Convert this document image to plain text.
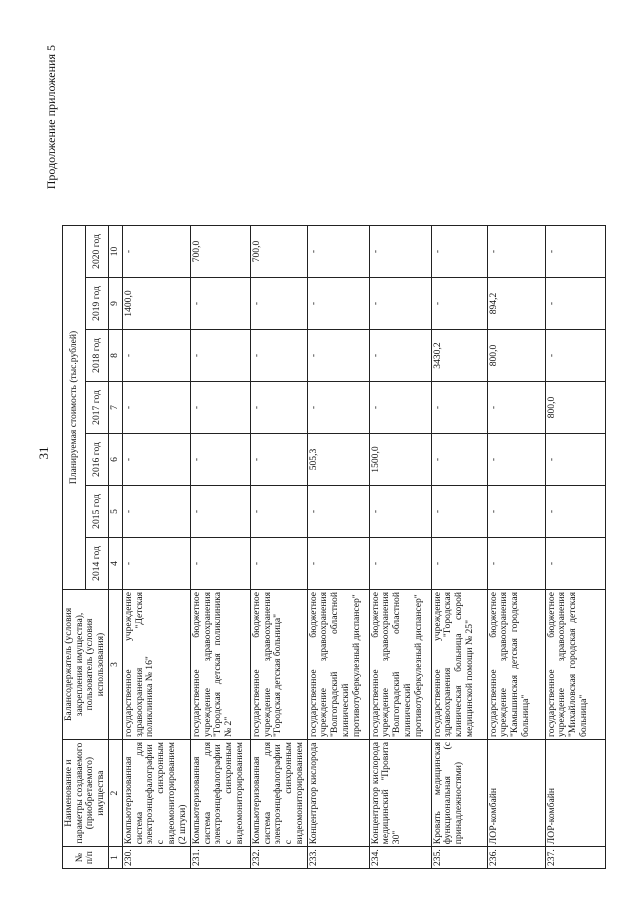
31
Продолжение приложения 5
№ п/п	Наименование и параметры создаваемого (приобретаемого) имущества	Балансодержатель (условия закрепления имущества), пользователь (условия использования)	Планируемая стоимость (тыс.рублей)						
			2014 год	2015 год	2016 год	2017 год	2018 год	2019 год	2020 год
1	2	3	4	5	6	7	8	9	10
230.	Компьютеризованная система для электроэнцефалографии с синхронным видеомониторированием (2 штуки)	государственное учреждение здравоохранения "Детская поликлиника № 16"	-	-	-	-	-	1400,0	-
231.	Компьютеризованная система для электроэнцефалографии с синхронным видеомониторированием	государственное бюджетное учреждение здравоохранения "Городская детская поликлиника № 2"	-	-	-	-	-	-	700,0
232.	Компьютеризованная система для электроэнцефалографии с синхронным видеомониторированием	государственное бюджетное учреждение здравоохранения "Городская детская больница"	-	-	-	-	-	-	700,0
233.	Концентратор кислорода	государственное бюджетное учреждение здравоохранения "Волгоградский областной клинический противотуберкулезный диспансер"	-	-	505,3	-	-	-	-
234.	Концентратор кислорода медицинский "Провита 30"	государственное бюджетное учреждение здравоохранения "Волгоградский областной клинический противотуберкулезный диспансер"	-	-	1500,0	-	-	-	-
235.	Кровать медицинская функциональная (с принадлежностями)	государственное учреждение здравоохранения "Городская клиническая больница скорой медицинской помощи № 25"	-	-	-	-	3430,2	-	-
236.	ЛОР-комбайн	государственное бюджетное учреждение здравоохранения "Камышинская детская городская больница"	-	-	-	-	800,0	894,2	-
237.	ЛОР-комбайн	государственное бюджетное учреждение здравоохранения "Михайловская городская детская больница"	-	-	-	800,0	-	-	-
